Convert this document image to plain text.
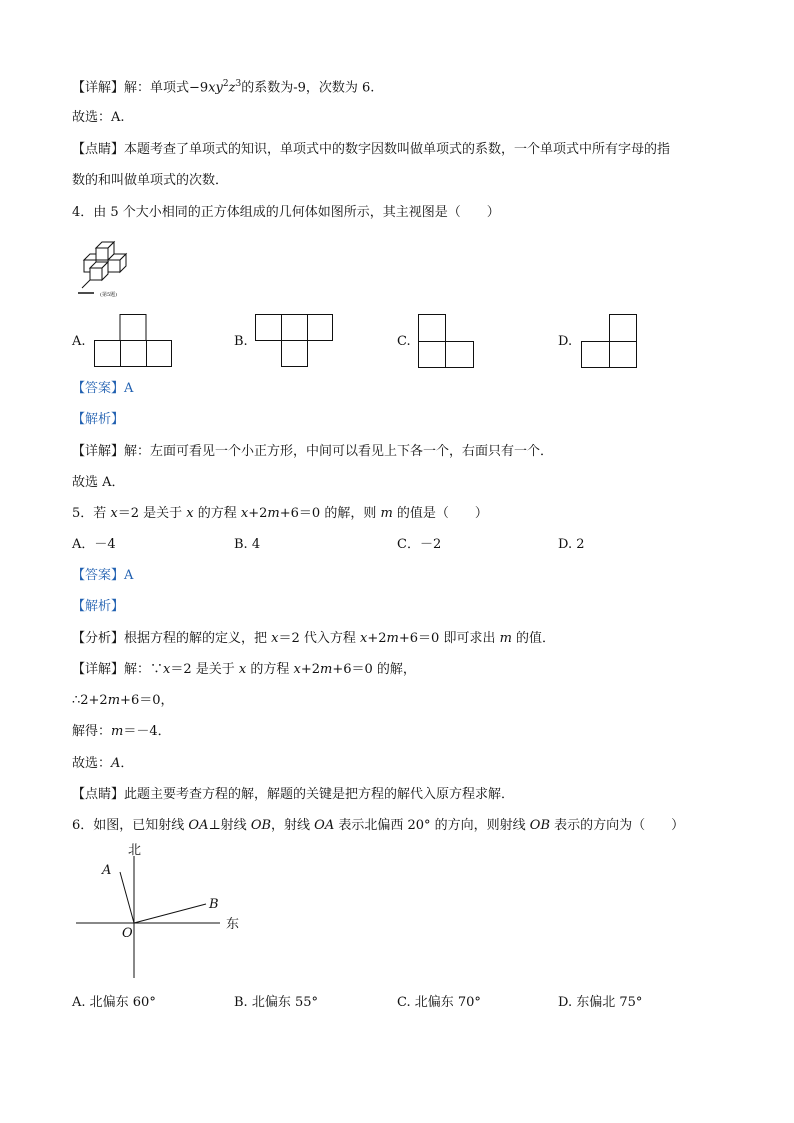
【详解】解：单项式$-9xy^2z^3$的系数为-9，次数为 6.
故选：A.
【点睛】本题考查了单项式的知识，单项式中的数字因数叫做单项式的系数，一个单项式中所有字母的指
数的和叫做单项式的次数．
4．由 5 个大小相同的正方体组成的几何体如图所示，其主视图是（　　）
(第5题)
A.	B.	C.	D.
【答案】A
【解析】
【详解】解：左面可看见一个小正方形，中间可以看见上下各一个，右面只有一个．
故选 A．
5．若 x＝2 是关于 x 的方程 x+2m+6＝0 的解，则 m 的值是（　　）
A．－4	B. 4	C．－2	D. 2
【答案】A
【解析】
【分析】根据方程的解的定义，把 x＝2 代入方程 x+2m+6＝0 即可求出 m 的值．
【详解】解：∵x＝2 是关于 x 的方程 x+2m+6＝0 的解，
∴2+2m+6＝0，
解得：m＝－4．
故选：A．
【点睛】此题主要考查方程的解，解题的关键是把方程的解代入原方程求解．
6．如图，已知射线 OA⊥射线 OB，射线 OA 表示北偏西 20° 的方向，则射线 OB 表示的方向为（　　）
北
东
A
B
O
A. 北偏东 60°	B. 北偏东 55°	C. 北偏东 70°	D. 东偏北 75°
